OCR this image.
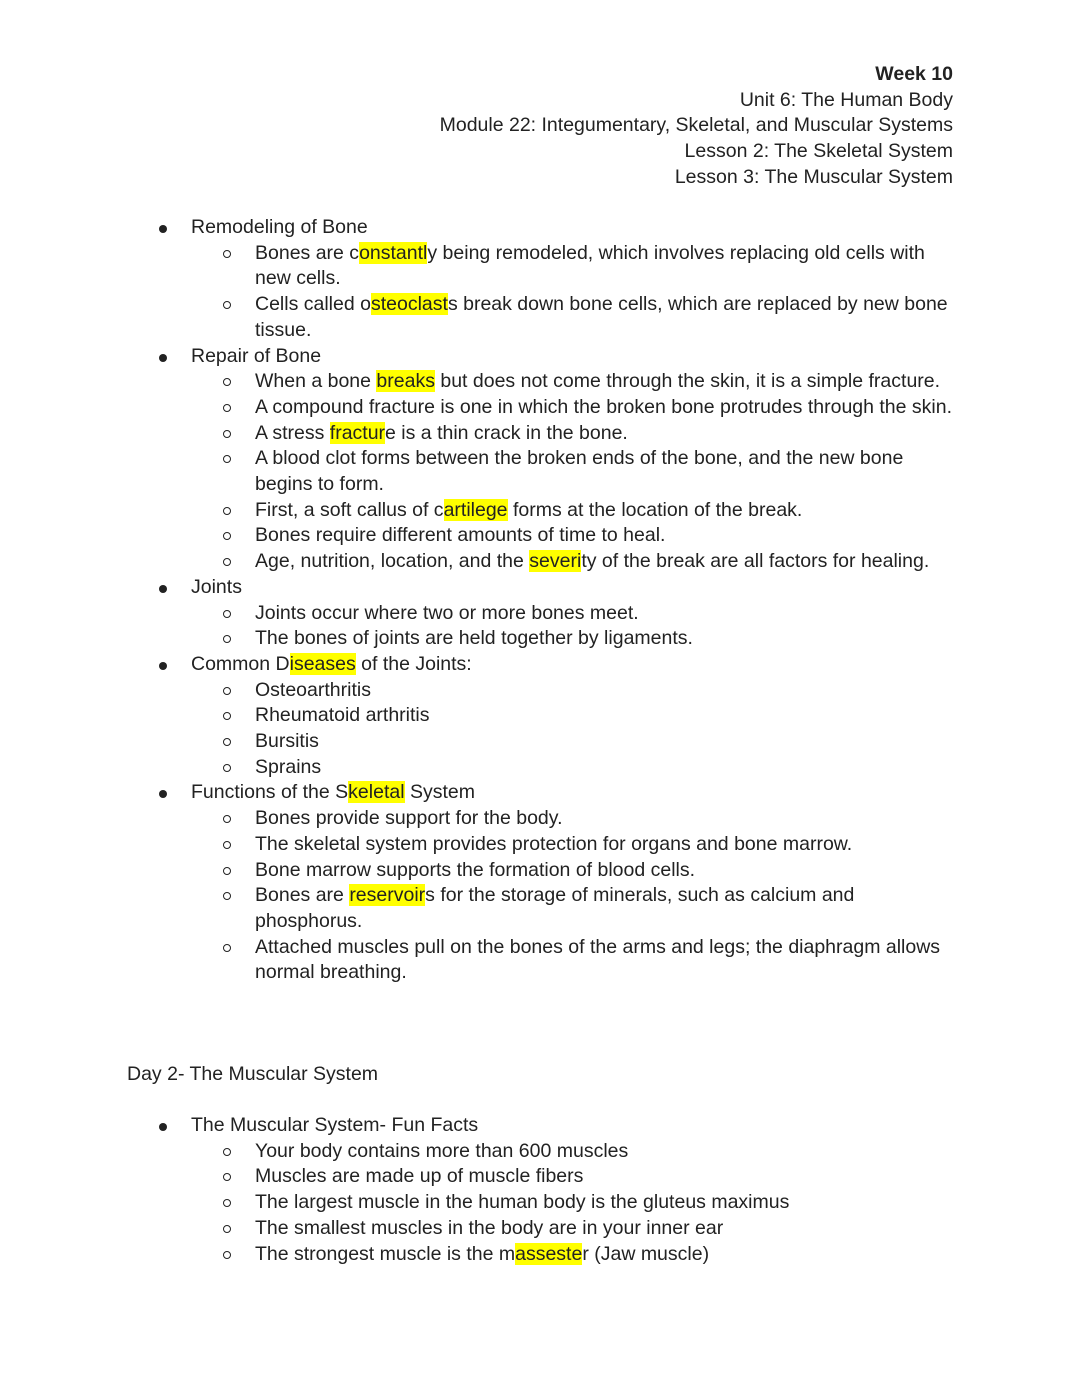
Week 10
Unit 6: The Human Body
Module 22: Integumentary, Skeletal, and Muscular Systems
Lesson 2: The Skeletal System
Lesson 3: The Muscular System
Remodeling of Bone
Bones are constantly being remodeled, which involves replacing old cells with new cells.
Cells called osteoclasts break down bone cells, which are replaced by new bone tissue.
Repair of Bone
When a bone breaks but does not come through the skin, it is a simple fracture.
A compound fracture is one in which the broken bone protrudes through the skin.
A stress fracture is a thin crack in the bone.
A blood clot forms between the broken ends of the bone, and the new bone begins to form.
First, a soft callus of cartilege forms at the location of the break.
Bones require different amounts of time to heal.
Age, nutrition, location, and the severity of the break are all factors for healing.
Joints
Joints occur where two or more bones meet.
The bones of joints are held together by ligaments.
Common Diseases of the Joints:
Osteoarthritis
Rheumatoid arthritis
Bursitis
Sprains
Functions of the Skeletal System
Bones provide support for the body.
The skeletal system provides protection for organs and bone marrow.
Bone marrow supports the formation of blood cells.
Bones are reservoirs for the storage of minerals, such as calcium and phosphorus.
Attached muscles pull on the bones of the arms and legs; the diaphragm allows normal breathing.
Day 2- The Muscular System
The Muscular System- Fun Facts
Your body contains more than 600 muscles
Muscles are made up of muscle fibers
The largest muscle in the human body is the gluteus maximus
The smallest muscles in the body are in your inner ear
The strongest muscle is the massester (Jaw muscle)
